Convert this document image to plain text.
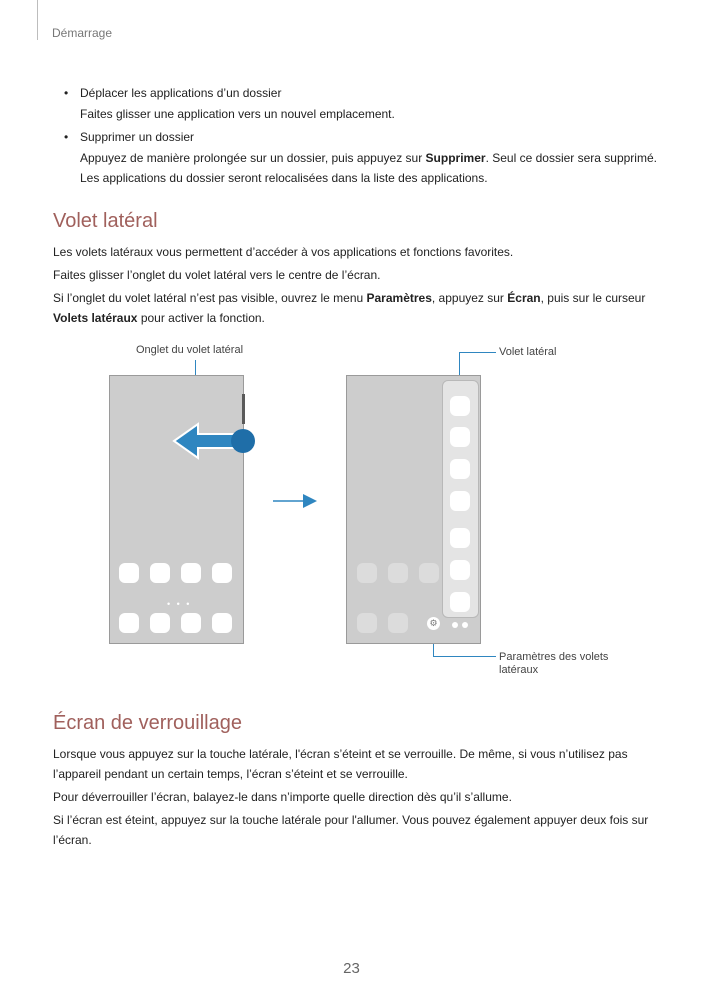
Démarrage
• Déplacer les applications d’un dossier
Faites glisser une application vers un nouvel emplacement.
• Supprimer un dossier
Appuyez de manière prolongée sur un dossier, puis appuyez sur Supprimer. Seul ce dossier sera supprimé. Les applications du dossier seront relocalisées dans la liste des applications.
Volet latéral

Les volets latéraux vous permettent d’accéder à vos applications et fonctions favorites.

Faites glisser l’onglet du volet latéral vers le centre de l’écran.

Si l’onglet du volet latéral n’est pas visible, ouvrez le menu Paramètres, appuyez sur Écran, puis sur le curseur Volets latéraux pour activer la fonction.

Onglet du volet latéral	Volet latéral
Paramètres des volets latéraux
• • •
⚙
Écran de verrouillage

Lorsque vous appuyez sur la touche latérale, l'écran s’éteint et se verrouille. De même, si vous n’utilisez pas l’appareil pendant un certain temps, l’écran s’éteint et se verrouille.

Pour déverrouiller l’écran, balayez-le dans n’importe quelle direction dès qu’il s’allume.

Si l’écran est éteint, appuyez sur la touche latérale pour l'allumer. Vous pouvez également appuyer deux fois sur l’écran.

23
